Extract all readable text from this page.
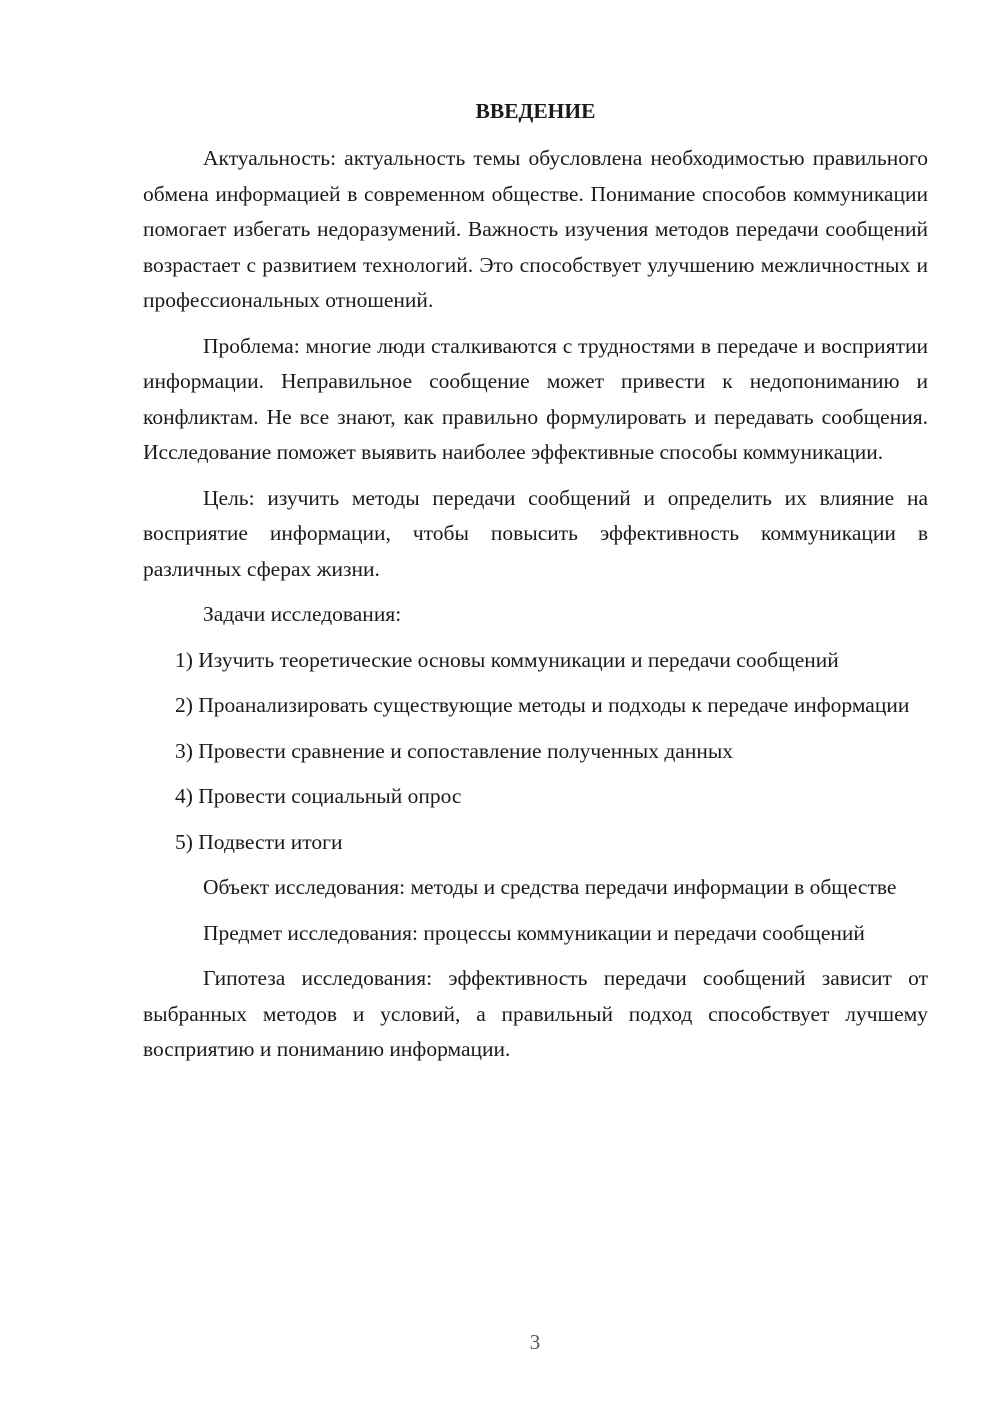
ВВЕДЕНИЕ

Актуальность: актуальность темы обусловлена необходимостью правильного обмена информацией в современном обществе. Понимание способов коммуникации помогает избегать недоразумений. Важность изучения методов передачи сообщений возрастает с развитием технологий. Это способствует улучшению межличностных и профессиональных отношений.

Проблема: многие люди сталкиваются с трудностями в передаче и восприятии информации. Неправильное сообщение может привести к недопониманию и конфликтам. Не все знают, как правильно формулировать и передавать сообщения. Исследование поможет выявить наиболее эффективные способы коммуникации.

Цель: изучить методы передачи сообщений и определить их влияние на восприятие информации, чтобы повысить эффективность коммуникации в различных сферах жизни.

Задачи исследования:

1) Изучить теоретические основы коммуникации и передачи сообщений

2) Проанализировать существующие методы и подходы к передаче информации

3) Провести сравнение и сопоставление полученных данных

4) Провести социальный опрос

5) Подвести итоги

Объект исследования: методы и средства передачи информации в обществе

Предмет исследования: процессы коммуникации и передачи сообщений

Гипотеза исследования: эффективность передачи сообщений зависит от выбранных методов и условий, а правильный подход способствует лучшему восприятию и пониманию информации.

3
